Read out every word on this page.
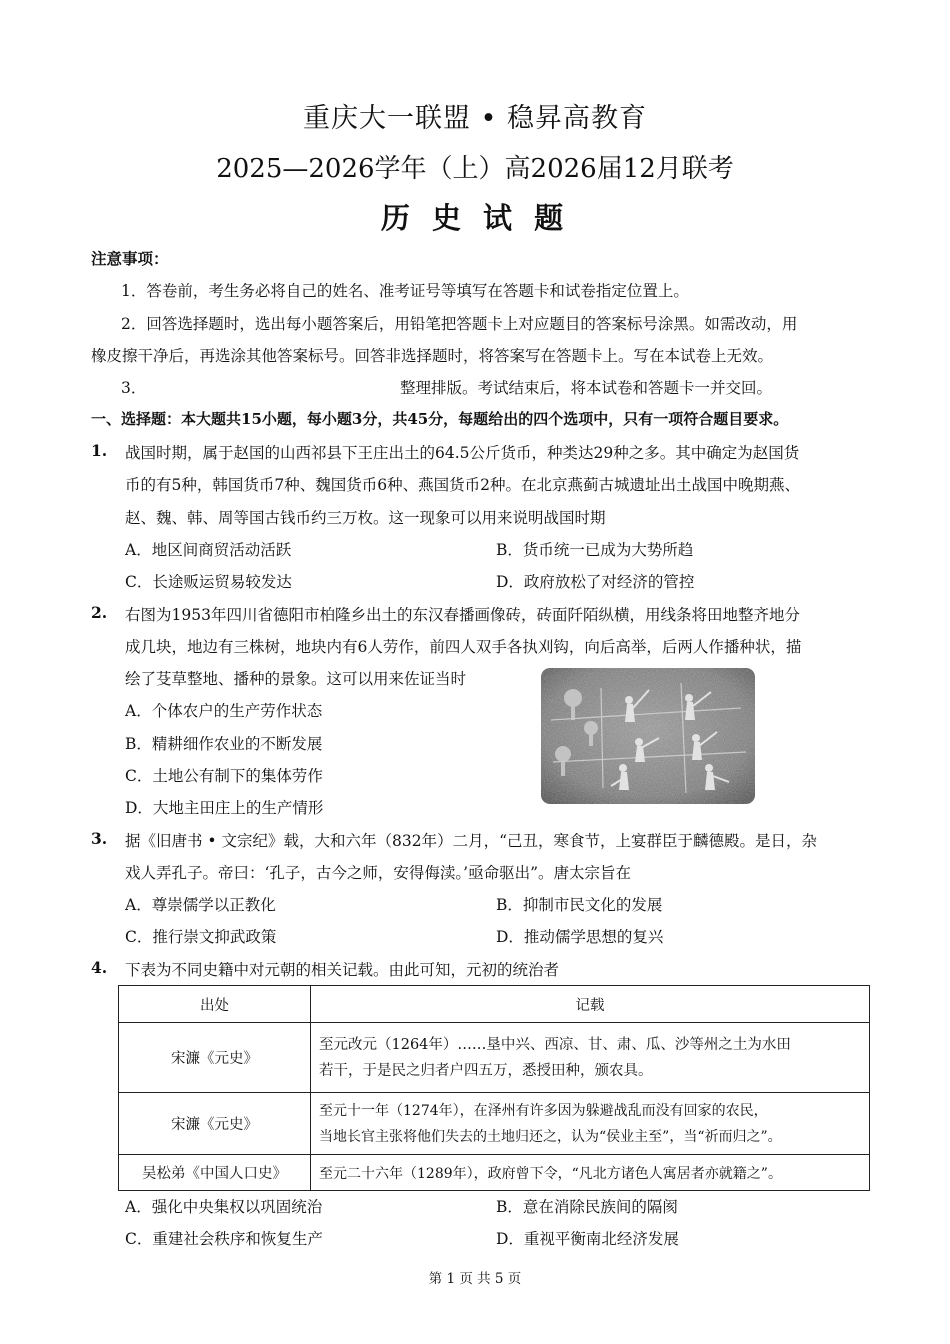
重庆大一联盟 • 稳昇高教育
2025—2026学年（上）高2026届12月联考
历 史 试 题
注意事项：
1．答卷前，考生务必将自己的姓名、准考证号等填写在答题卡和试卷指定位置上。
2．回答选择题时，选出每小题答案后，用铅笔把答题卡上对应题目的答案标号涂黑。如需改动，用
橡皮擦干净后，再选涂其他答案标号。回答非选择题时，将答案写在答题卡上。写在本试卷上无效。
3．	整理排版。考试结束后，将本试卷和答题卡一并交回。
一、选择题：本大题共15小题，每小题3分，共45分，每题给出的四个选项中，只有一项符合题目要求。
1. 战国时期，属于赵国的山西祁县下王庄出土的64.5公斤货币，种类达29种之多。其中确定为赵国货
币的有5种，韩国货币7种、魏国货币6种、燕国货币2种。在北京燕蓟古城遗址出土战国中晚期燕、
赵、魏、韩、周等国古钱币约三万枚。这一现象可以用来说明战国时期
A．地区间商贸活动活跃	B．货币统一已成为大势所趋
C．长途贩运贸易较发达	D．政府放松了对经济的管控
2. 右图为1953年四川省德阳市柏隆乡出土的东汉春播画像砖，砖面阡陌纵横，用线条将田地整齐地分
成几块，地边有三株树，地块内有6人劳作，前四人双手各执刈钩，向后高举，后两人作播种状，描
绘了芟草整地、播种的景象。这可以用来佐证当时
A．个体农户的生产劳作状态
B．精耕细作农业的不断发展
C．土地公有制下的集体劳作
D．大地主田庄上的生产情形
3. 据《旧唐书 • 文宗纪》载，大和六年（832年）二月，“己丑，寒食节，上宴群臣于麟德殿。是日，杂
戏人弄孔子。帝曰：‘孔子，古今之师，安得侮渎。’亟命驱出”。唐太宗旨在
A．尊崇儒学以正教化	B．抑制市民文化的发展
C．推行崇文抑武政策	D．推动儒学思想的复兴
4. 下表为不同史籍中对元朝的相关记载。由此可知，元初的统治者
出处	记载
宋濂《元史》	至元改元（1264年）……垦中兴、西凉、甘、肃、瓜、沙等州之土为水田
若干，于是民之归者户四五万，悉授田种，颁农具。

宋濂《元史》	至元十一年（1274年），在泽州有许多因为躲避战乱而没有回家的农民，
当地长官主张将他们失去的土地归还之，认为“侯业主至”，当“祈而归之”。

吴松弟《中国人口史》	至元二十六年（1289年），政府曾下令，“凡北方诸色人寓居者亦就籍之”。
A．强化中央集权以巩固统治	B．意在消除民族间的隔阂
C．重建社会秩序和恢复生产	D．重视平衡南北经济发展
第 1 页 共 5 页
